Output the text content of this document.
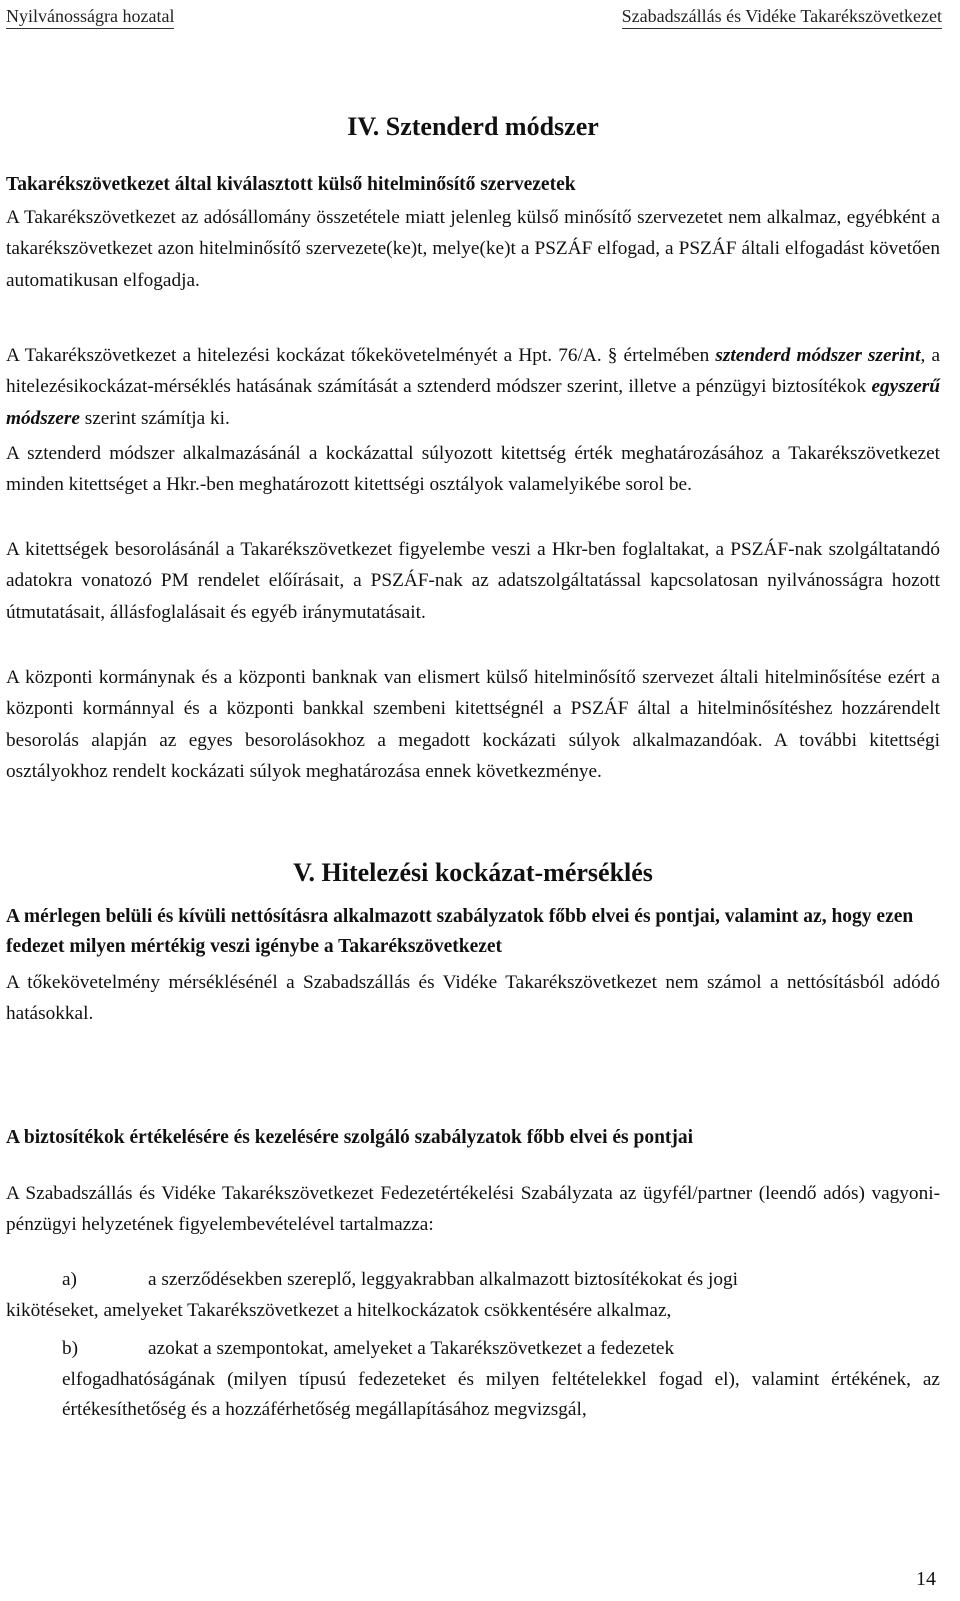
Nyilvánosságra hozatal	Szabadszállás és Vidéke Takarékszövetkezet
IV. Sztenderd módszer
Takarékszövetkezet által kiválasztott külső hitelminősítő szervezetek
A Takarékszövetkezet az adósállomány összetétele miatt jelenleg külső minősítő szervezetet nem alkalmaz, egyébként a takarékszövetkezet azon hitelminősítő szervezete(ke)t, melye(ke)t a PSZÁF elfogad, a PSZÁF általi elfogadást követően automatikusan elfogadja.
A Takarékszövetkezet a hitelezési kockázat tőkekövetelményét a Hpt. 76/A. § értelmében sztenderd módszer szerint, a hitelezésikockázat-mérséklés hatásának számítását a sztenderd módszer szerint, illetve a pénzügyi biztosítékok egyszerű módszere szerint számítja ki.
A sztenderd módszer alkalmazásánál a kockázattal súlyozott kitettség érték meghatározásához a Takarékszövetkezet minden kitettséget a Hkr.-ben meghatározott kitettségi osztályok valamelyikébe sorol be.
A kitettségek besorolásánál a Takarékszövetkezet figyelembe veszi a Hkr-ben foglaltakat, a PSZÁF-nak szolgáltatandó adatokra vonatozó PM rendelet előírásait, a PSZÁF-nak az adatszolgáltatással kapcsolatosan nyilvánosságra hozott útmutatásait, állásfoglalásait és egyéb iránymutatásait.
A központi kormánynak és a központi banknak van elismert külső hitelminősítő szervezet általi hitelminősítése ezért a központi kormánnyal és a központi bankkal szembeni kitettségnél a PSZÁF által a hitelminősítéshez hozzárendelt besorolás alapján az egyes besorolásokhoz a megadott kockázati súlyok alkalmazandóak. A további kitettségi osztályokhoz rendelt kockázati súlyok meghatározása ennek következménye.
V. Hitelezési kockázat-mérséklés
A mérlegen belüli és kívüli nettósításra alkalmazott szabályzatok főbb elvei és pontjai, valamint az, hogy ezen fedezet milyen mértékig veszi igénybe a Takarékszövetkezet
A tőkekövetelmény mérséklésénél a Szabadszállás és Vidéke Takarékszövetkezet nem számol a nettósításból adódó hatásokkal.
A biztosítékok értékelésére és kezelésére szolgáló szabályzatok főbb elvei és pontjai
A Szabadszállás és Vidéke Takarékszövetkezet Fedezetértékelési Szabályzata az ügyfél/partner (leendő adós) vagyoni-pénzügyi helyzetének figyelembevételével tartalmazza:
a)	a szerződésekben szereplő, leggyakrabban alkalmazott biztosítékokat és jogi
kikötéseket, amelyeket Takarékszövetkezet a hitelkockázatok csökkentésére alkalmaz,
b)	azokat a szempontokat, amelyeket a Takarékszövetkezet a fedezetek
elfogadhatóságának (milyen típusú fedezeteket és milyen feltételekkel fogad el), valamint értékének, az értékesíthetőség és a hozzáférhetőség megállapításához megvizsgál,
14
